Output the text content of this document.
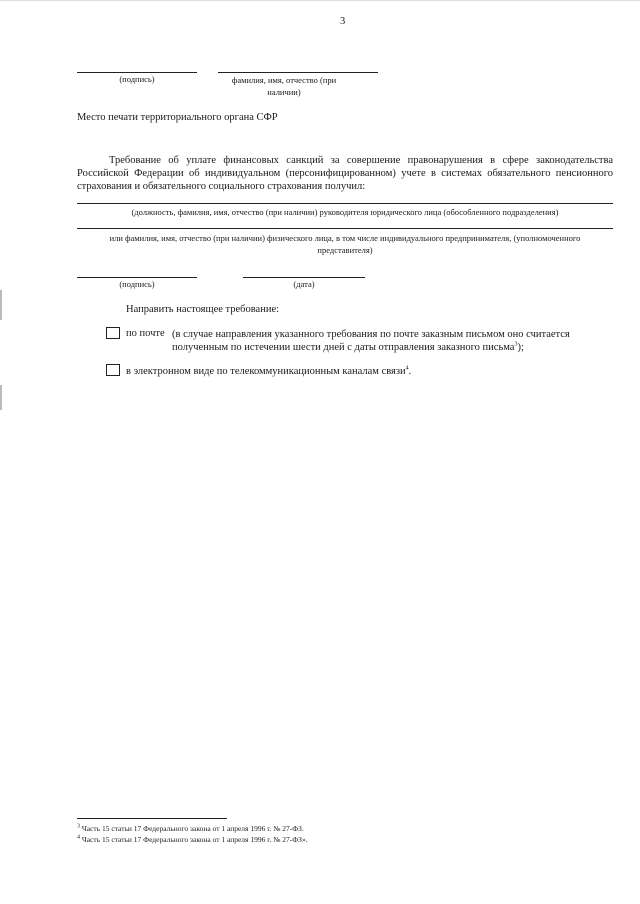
3
(подпись)	фамилия, имя, отчество (при наличии)
Место печати территориального органа СФР
Требование об уплате финансовых санкций за совершение правонарушения в сфере законодательства Российской Федерации об индивидуальном (персонифицированном) учете в системах обязательного пенсионного страхования и обязательного социального страхования получил:
(должность, фамилия, имя, отчество (при наличии) руководителя юридического лица (обособленного подразделения)
или фамилия, имя, отчество (при наличии) физического лица, в том числе индивидуального предпринимателя, (уполномоченного представителя)
(подпись)	(дата)
Направить настоящее требование:
по почте (в случае направления указанного требования по почте заказным письмом оно считается полученным по истечении шести дней с даты отправления заказного письма$^3$);
в электронном виде по телекоммуникационным каналам связи$^4$.
$^3$ Часть 15 статьи 17 Федерального закона от 1 апреля 1996 г. № 27-ФЗ.
$^4$ Часть 15 статьи 17 Федерального закона от 1 апреля 1996 г. № 27-ФЗ».
